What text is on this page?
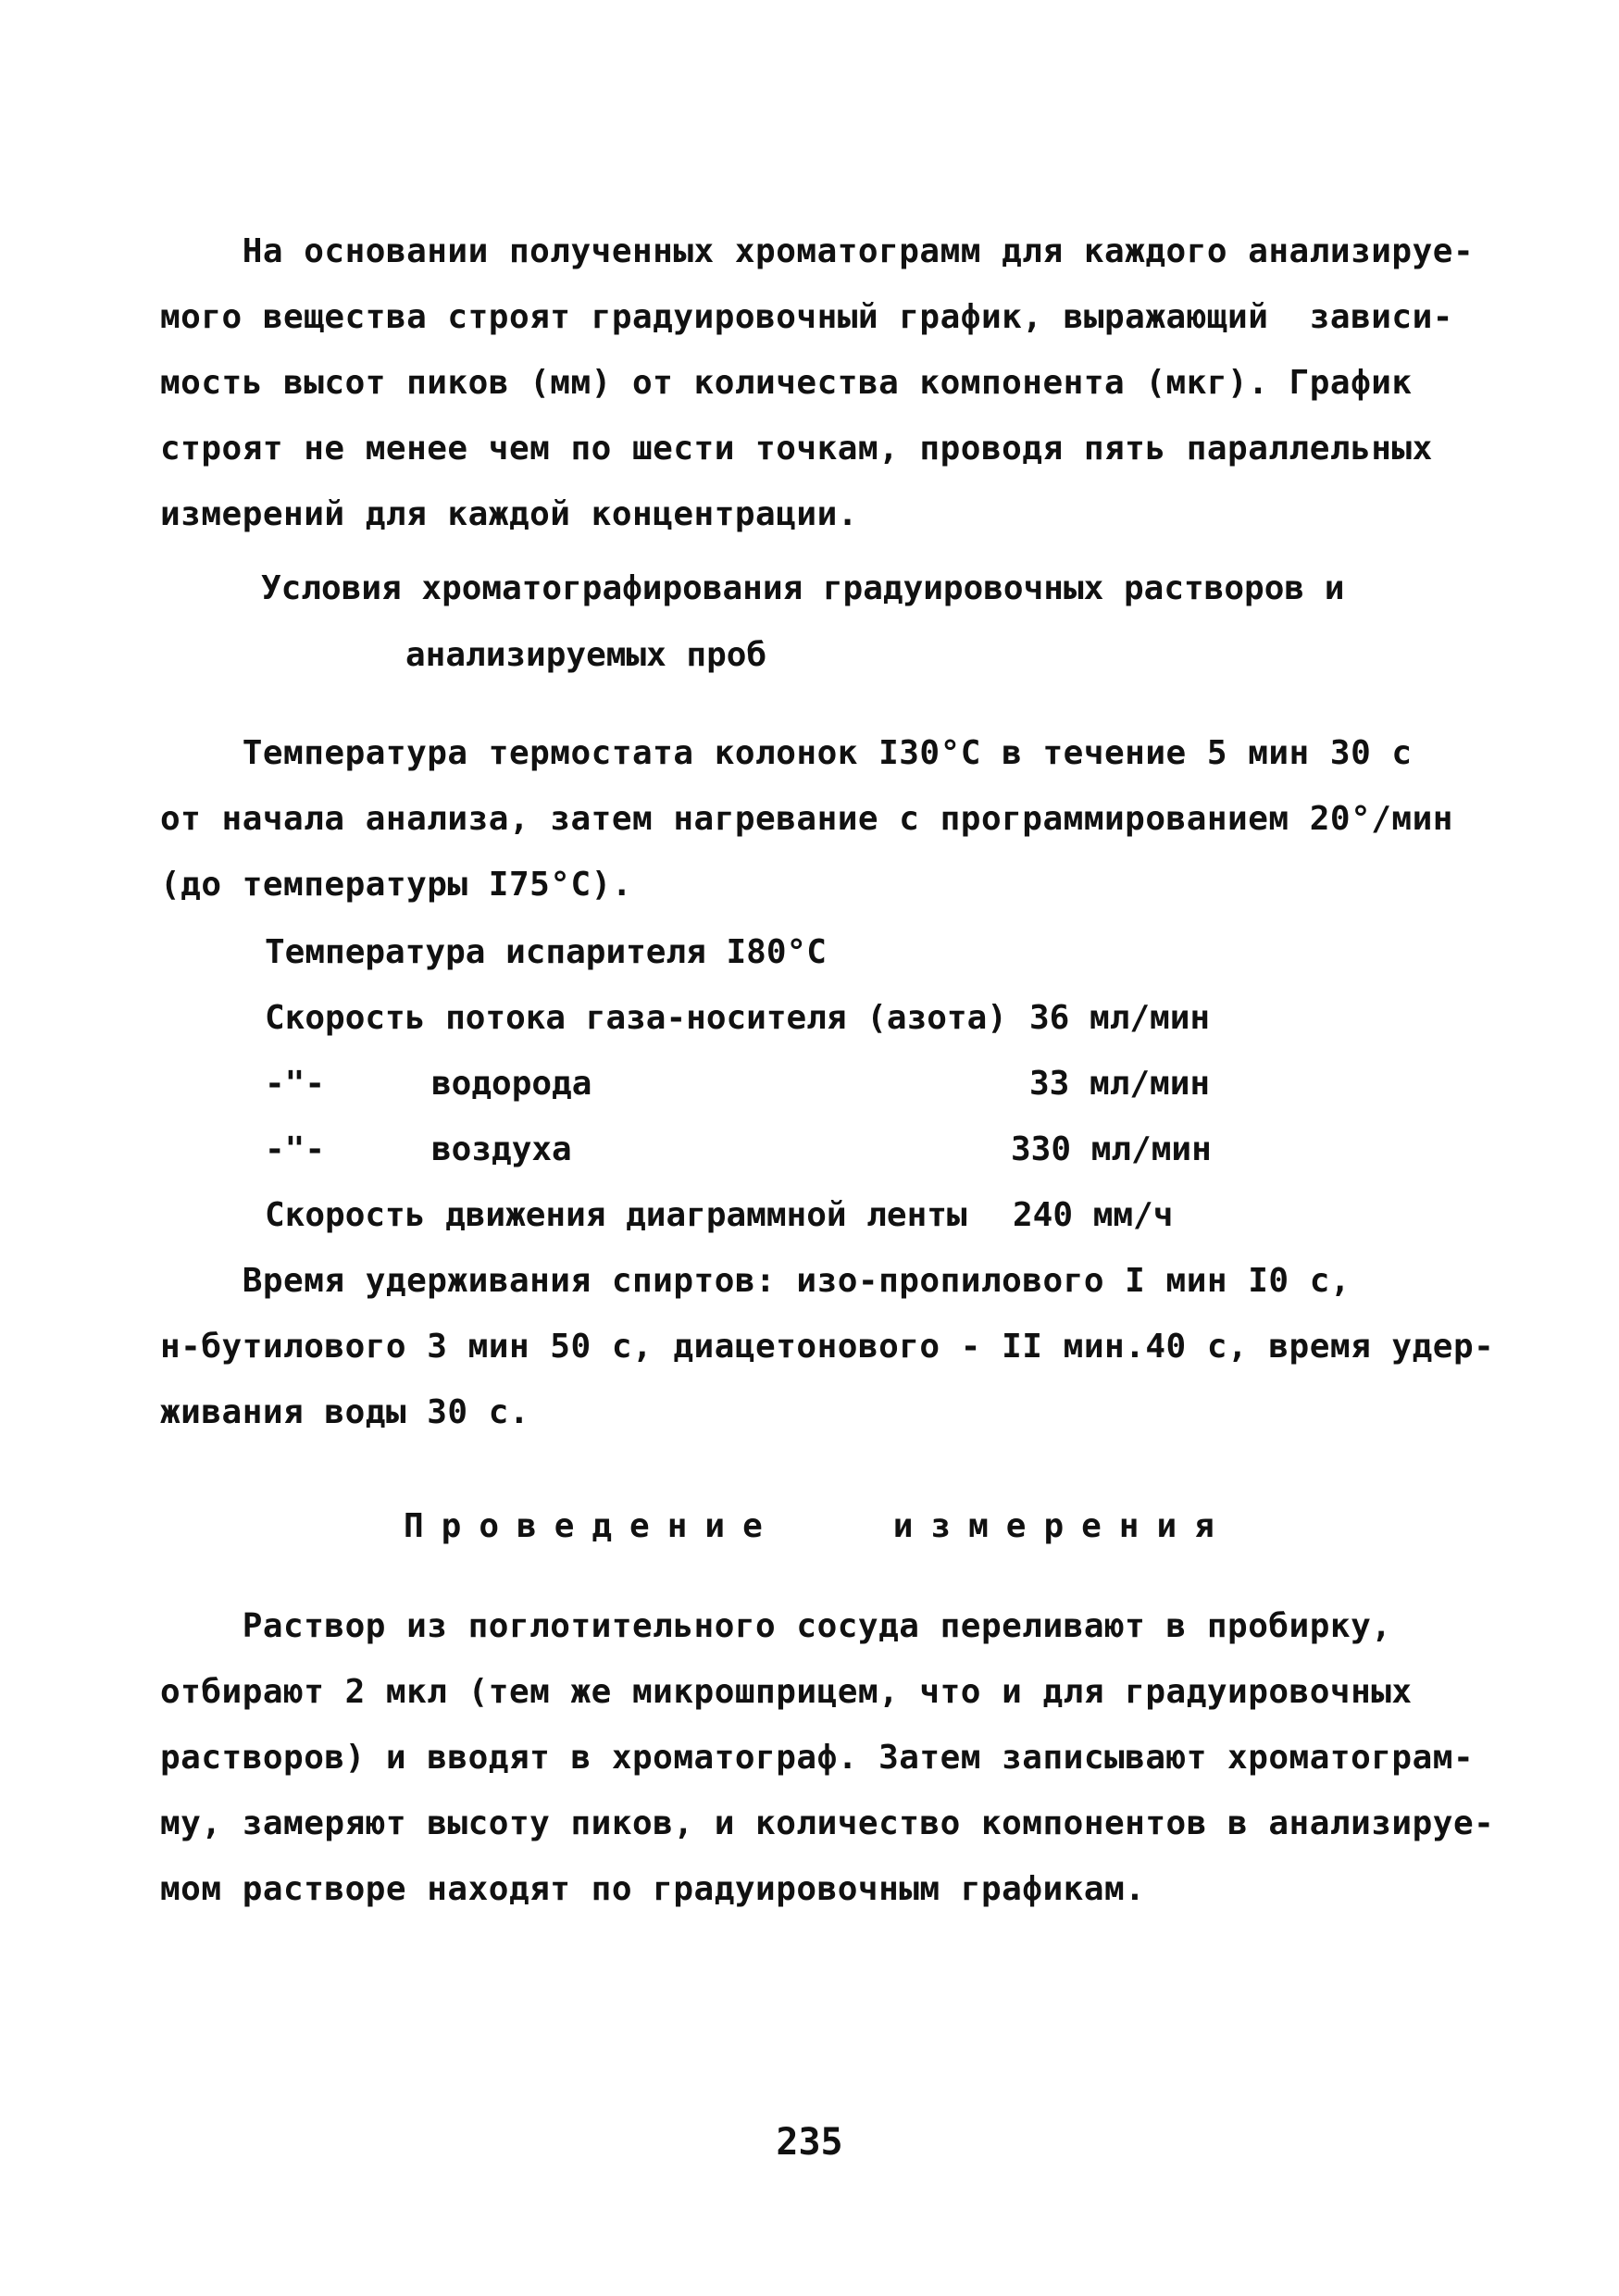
На основании полученных хроматограмм для каждого анализируе-
мого вещества строят градуировочный график, выражающий  зависи-
мость высот пиков (мм) от количества компонента (мкг). График
строят не менее чем по шести точкам, проводя пять параллельных
измерений для каждой концентрации.
Условия хроматографирования градуировочных растворов и
анализируемых проб
Температура термостата колонок I30°С в течение 5 мин 30 с
от начала анализа, затем нагревание с программированием 20°/мин
(до температуры I75°С).
Температура испарителя I80°С
Скорость потока газа-носителя (азота) 36 мл/мин
-"-	водорода	33 мл/мин
-"-	воздуха	330 мл/мин
Скорость движения диаграммной ленты 240 мм/ч
Время удерживания спиртов: изо-пропилового I мин I0 с,
н-бутилового 3 мин 50 с, диацетонового - II мин.40 с, время удер-
живания воды 30 с.
Проведение   измерения
Раствор из поглотительного сосуда переливают в пробирку,
отбирают 2 мкл (тем же микрошприцем, что и для градуировочных
растворов) и вводят в хроматограф. Затем записывают хроматограм-
му, замеряют высоту пиков, и количество компонентов в анализируе-
мом растворе находят по градуировочным графикам.
235
